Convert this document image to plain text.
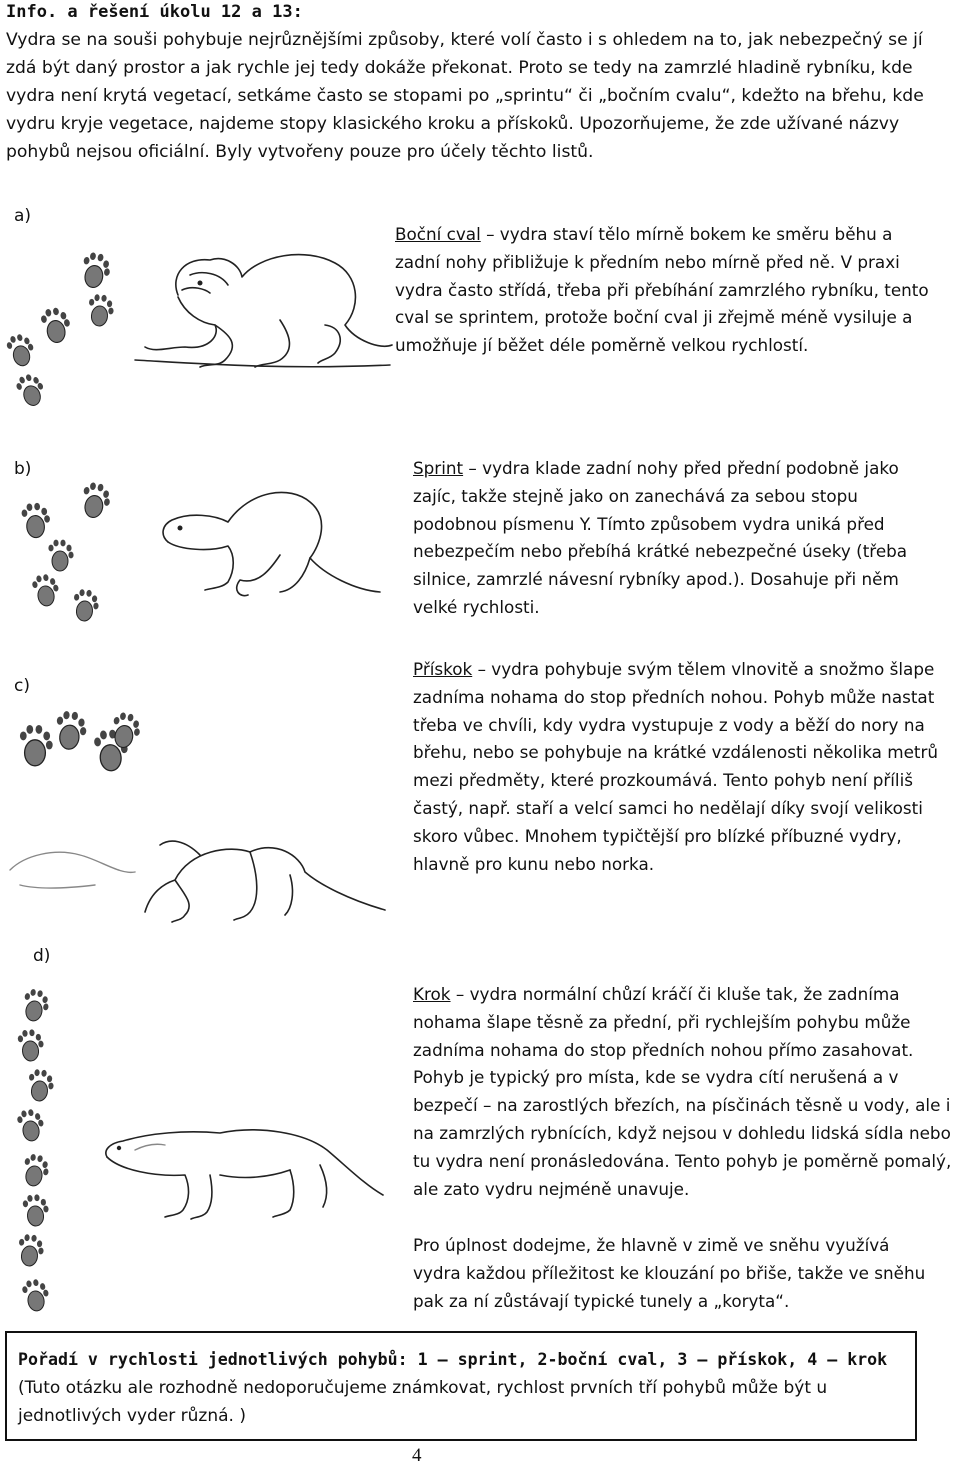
Info. a řešení úkolu 12 a 13:
Vydra se na souši pohybuje nejrůznějšími způsoby, které volí často i s ohledem na to, jak nebezpečný se jí zdá být daný prostor a jak rychle jej tedy dokáže překonat. Proto se tedy na zamrzlé hladině rybníku, kde vydra není krytá vegetací, setkáme často se stopami po „sprintu“ či „bočním cvalu“, kdežto na břehu, kde vydru kryje vegetace, najdeme stopy klasického kroku a přískoků. Upozorňujeme, že zde užívané názvy pohybů nejsou oficiální. Byly vytvořeny pouze pro účely těchto listů.
a)
Boční cval – vydra staví tělo mírně bokem ke směru běhu a zadní nohy přibližuje k předním nebo mírně před ně. V praxi vydra často střídá, třeba při přebíhání zamrzlého rybníku, tento cval se sprintem, protože boční cval ji zřejmě méně vysiluje a umožňuje jí běžet déle poměrně velkou rychlostí.
b)	Sprint – vydra klade zadní nohy před přední podobně jako zajíc, takže stejně jako on zanechává za sebou stopu podobnou písmenu Y. Tímto způsobem vydra uniká před nebezpečím nebo přebíhá krátké nebezpečné úseky (třeba silnice, zamrzlé návesní rybníky apod.). Dosahuje při něm velké rychlosti.
c)
Přískok – vydra pohybuje svým tělem vlnovitě a snožmo šlape zadníma nohama do stop předních nohou. Pohyb může nastat třeba ve chvíli, kdy vydra vystupuje z vody a běží do nory na břehu, nebo se pohybuje na krátké vzdálenosti několika metrů mezi předměty, které prozkoumává. Tento pohyb není příliš častý, např. staří a velcí samci ho nedělají díky svojí velikosti skoro vůbec. Mnohem typičtější pro blízké příbuzné vydry, hlavně pro kunu nebo norka.
d)
Krok – vydra normální chůzí kráčí či kluše tak, že zadníma nohama šlape těsně za přední, při rychlejším pohybu může zadníma nohama do stop předních nohou přímo zasahovat. Pohyb je typický pro místa, kde se vydra cítí nerušená a v bezpečí – na zarostlých březích, na písčinách těsně u vody, ale i na zamrzlých rybnících, když nejsou v dohledu lidská sídla nebo tu vydra není pronásledována. Tento pohyb je poměrně pomalý, ale zato vydru nejméně unavuje.
Pro úplnost dodejme, že hlavně v zimě ve sněhu využívá vydra každou příležitost ke klouzání po břiše, takže ve sněhu pak za ní zůstávají typické tunely a „koryta“.
Pořadí v rychlosti jednotlivých pohybů: 1 – sprint, 2-boční cval, 3 – přískok, 4 – krok
(Tuto otázku ale rozhodně nedoporučujeme známkovat, rychlost prvních tří pohybů může být u jednotlivých vyder různá. )
4
